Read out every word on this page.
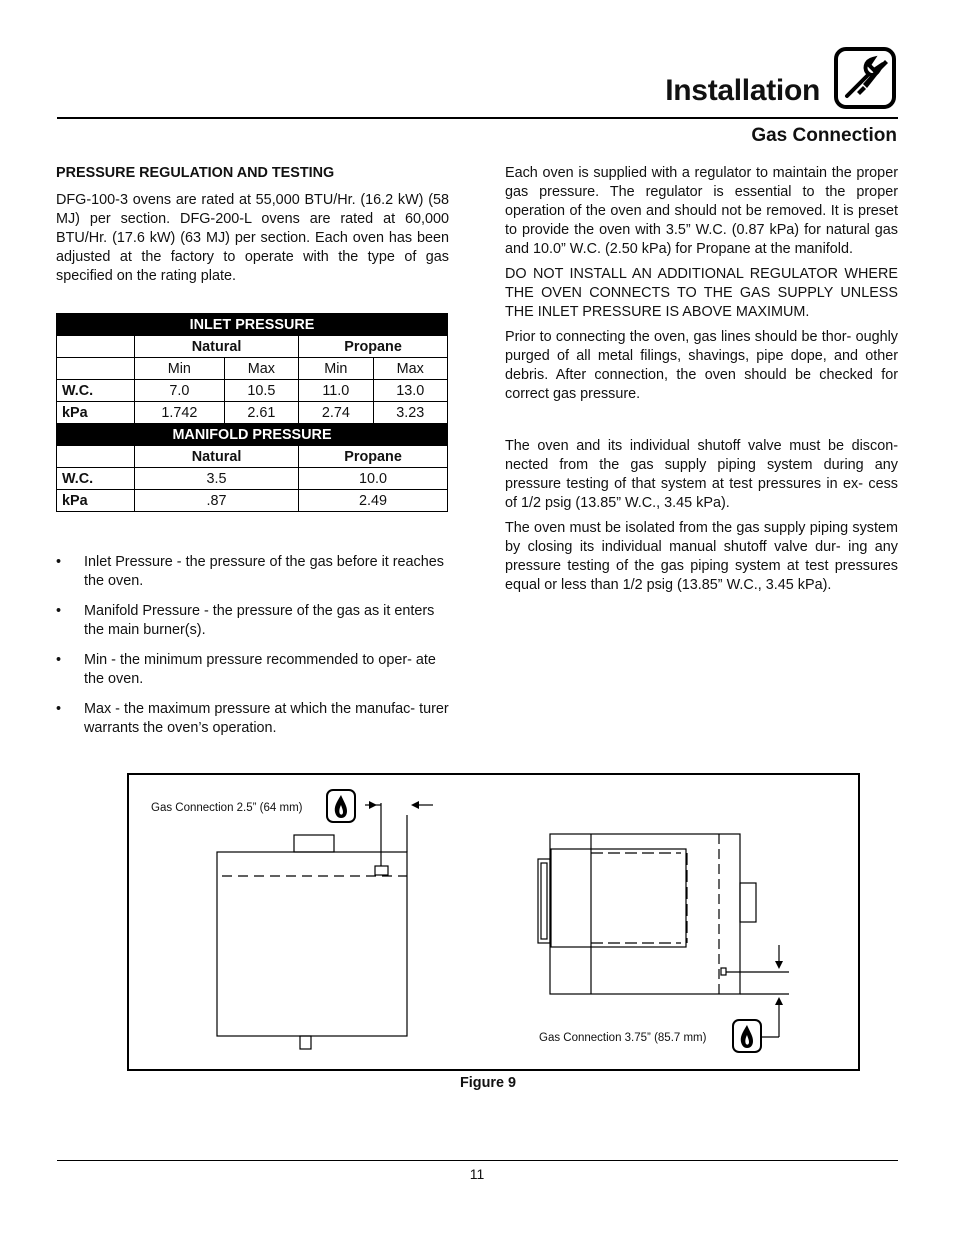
Installation
Gas Connection
PRESSURE REGULATION AND TESTING

DFG-100-3 ovens are rated at 55,000 BTU/Hr. (16.2 kW) (58 MJ) per section. DFG-200-L ovens are rated at 60,000 BTU/Hr. (17.6 kW) (63 MJ) per section. Each oven has been adjusted at the factory to operate with the type of gas specified on the rating plate.

INLET PRESSURE				
	Natural		Propane	
	Min	Max	Min	Max
W.C.	7.0	10.5	11.0	13.0
kPa	1.742	2.61	2.74	3.23
MANIFOLD PRESSURE				
	Natural		Propane	
W.C.	3.5		10.0	
kPa	.87		2.49	
• Inlet Pressure - the pressure of the gas before it reaches the oven.
• Manifold Pressure - the pressure of the gas as it enters the main burner(s).
• Min - the minimum pressure recommended to oper- ate the oven.
• Max - the maximum pressure at which the manufac- turer warrants the oven’s operation.

Each oven is supplied with a regulator to maintain the proper gas pressure. The regulator is essential to the proper operation of the oven and should not be removed. It is preset to provide the oven with 3.5” W.C. (0.87 kPa) for natural gas and 10.0” W.C. (2.50 kPa) for Propane at the manifold.

DO NOT INSTALL AN ADDITIONAL REGULATOR WHERE THE OVEN CONNECTS TO THE GAS SUPPLY UNLESS THE INLET PRESSURE IS ABOVE MAXIMUM.

Prior to connecting the oven, gas lines should be thor- oughly purged of all metal filings, shavings, pipe dope, and other debris. After connection, the oven should be checked for correct gas pressure.

The oven and its individual shutoff valve must be discon- nected from the gas supply piping system during any pressure testing of that system at test pressures in ex- cess of 1/2 psig (13.85” W.C., 3.45 kPa).

The oven must be isolated from the gas supply piping system by closing its individual manual shutoff valve dur- ing any pressure testing of the gas piping system at test pressures equal or less than 1/2 psig (13.85” W.C., 3.45 kPa).

Gas Connection 2.5” (64 mm)
Gas Connection 3.75” (85.7 mm)
Figure 9
11
